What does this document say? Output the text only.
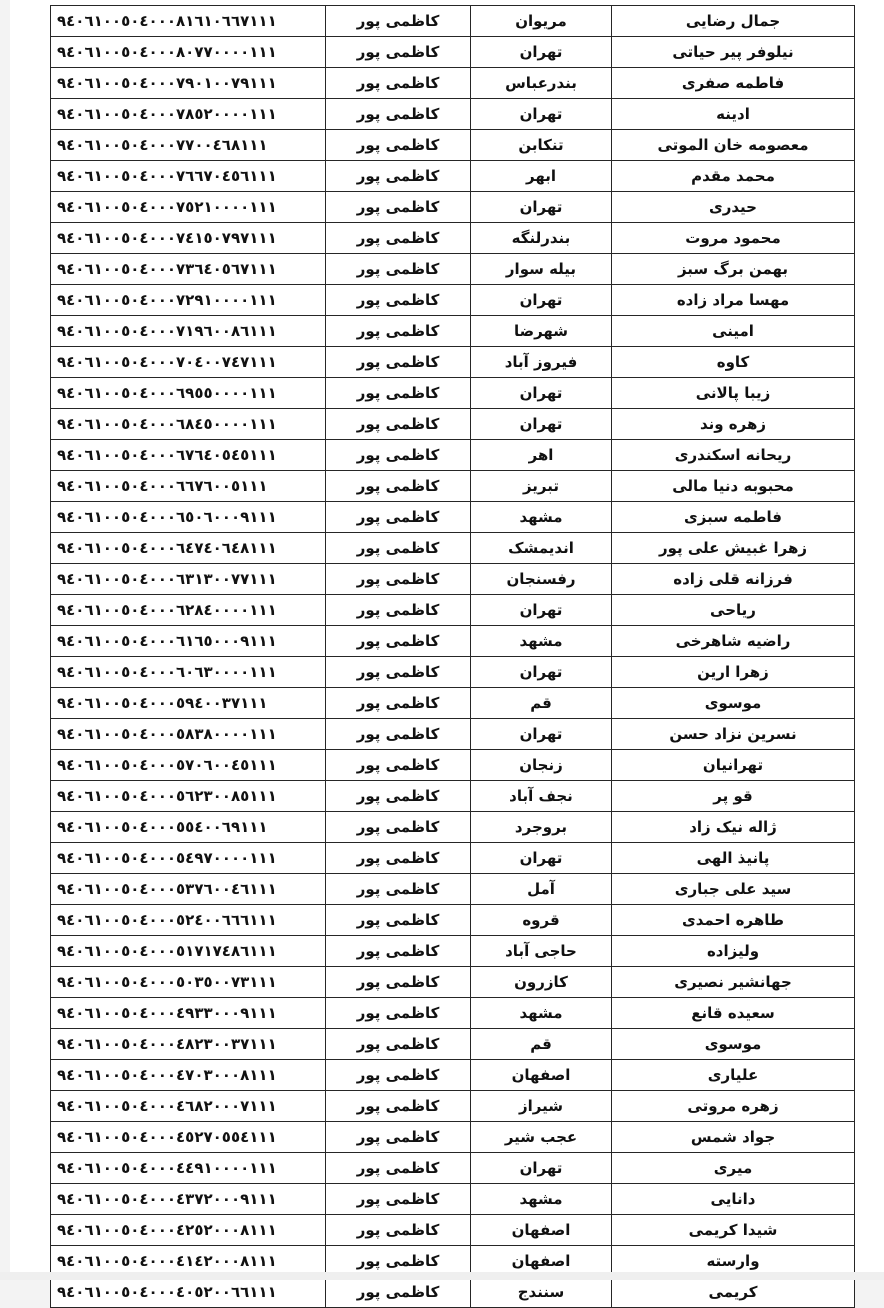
جمال رضایی	مریوان	کاظمی پور	۹٤۰٦۱۰۰٥۰٤۰۰۰۸۱٦۱۰٦٦۷۱۱۱
نیلوفر پیر حیاتی	تهران	کاظمی پور	۹٤۰٦۱۰۰٥۰٤۰۰۰۸۰۷۷۰۰۰۰۱۱۱
فاطمه صفری	بندرعباس	کاظمی پور	۹٤۰٦۱۰۰٥۰٤۰۰۰۷۹۰۱۰۰۷۹۱۱۱
ادینه	تهران	کاظمی پور	۹٤۰٦۱۰۰٥۰٤۰۰۰۷۸٥۲۰۰۰۰۱۱۱
معصومه خان الموتی	تنکابن	کاظمی پور	۹٤۰٦۱۰۰٥۰٤۰۰۰۷۷۰۰٤٦۸۱۱۱
محمد مقدم	ابهر	کاظمی پور	۹٤۰٦۱۰۰٥۰٤۰۰۰۷٦٦۷۰٤٥٦۱۱۱
حیدری	تهران	کاظمی پور	۹٤۰٦۱۰۰٥۰٤۰۰۰۷٥۲۱۰۰۰۰۱۱۱
محمود مروت	بندرلنگه	کاظمی پور	۹٤۰٦۱۰۰٥۰٤۰۰۰۷٤۱٥۰۷۹۷۱۱۱
بهمن برگ سبز	بیله سوار	کاظمی پور	۹٤۰٦۱۰۰٥۰٤۰۰۰۷۳٦٤۰٥٦۷۱۱۱
مهسا مراد زاده	تهران	کاظمی پور	۹٤۰٦۱۰۰٥۰٤۰۰۰۷۲۹۱۰۰۰۰۱۱۱
امینی	شهرضا	کاظمی پور	۹٤۰٦۱۰۰٥۰٤۰۰۰۷۱۹٦۰۰۸٦۱۱۱
کاوه	فیروز آباد	کاظمی پور	۹٤۰٦۱۰۰٥۰٤۰۰۰۷۰٤۰۰۷٤۷۱۱۱
زیبا پالانی	تهران	کاظمی پور	۹٤۰٦۱۰۰٥۰٤۰۰۰٦۹٥٥۰۰۰۰۱۱۱
زهره وند	تهران	کاظمی پور	۹٤۰٦۱۰۰٥۰٤۰۰۰٦۸٤٥۰۰۰۰۱۱۱
ریحانه اسکندری	اهر	کاظمی پور	۹٤۰٦۱۰۰٥۰٤۰۰۰٦۷٦٤۰٥٤٥۱۱۱
محبوبه دنیا مالی	تبریز	کاظمی پور	۹٤۰٦۱۰۰٥۰٤۰۰۰٦٦۷٦۰۰٥۱۱۱
فاطمه سبزی	مشهد	کاظمی پور	۹٤۰٦۱۰۰٥۰٤۰۰۰٦٥۰٦۰۰۰۹۱۱۱
زهرا غبیش علی پور	اندیمشک	کاظمی پور	۹٤۰٦۱۰۰٥۰٤۰۰۰٦٤۷٤۰٦٤۸۱۱۱
فرزانه قلی زاده	رفسنجان	کاظمی پور	۹٤۰٦۱۰۰٥۰٤۰۰۰٦۳۱۳۰۰۷۷۱۱۱
ریاحی	تهران	کاظمی پور	۹٤۰٦۱۰۰٥۰٤۰۰۰٦۲۸٤۰۰۰۰۱۱۱
راضیه شاهرخی	مشهد	کاظمی پور	۹٤۰٦۱۰۰٥۰٤۰۰۰٦۱٦٥۰۰۰۹۱۱۱
زهرا ارین	تهران	کاظمی پور	۹٤۰٦۱۰۰٥۰٤۰۰۰٦۰٦۳۰۰۰۰۱۱۱
موسوی	قم	کاظمی پور	۹٤۰٦۱۰۰٥۰٤۰۰۰٥۹٤۰۰۳۷۱۱۱
نسرین نزاد حسن	تهران	کاظمی پور	۹٤۰٦۱۰۰٥۰٤۰۰۰٥۸۳۸۰۰۰۰۱۱۱
تهرانیان	زنجان	کاظمی پور	۹٤۰٦۱۰۰٥۰٤۰۰۰٥۷۰٦۰۰٤٥۱۱۱
قو پر	نجف آباد	کاظمی پور	۹٤۰٦۱۰۰٥۰٤۰۰۰٥٦۲۳۰۰۸٥۱۱۱
ژاله نیک زاد	بروجرد	کاظمی پور	۹٤۰٦۱۰۰٥۰٤۰۰۰٥٥٤۰۰٦۹۱۱۱
پانیذ الهی	تهران	کاظمی پور	۹٤۰٦۱۰۰٥۰٤۰۰۰٥٤۹۷۰۰۰۰۱۱۱
سید علی جباری	آمل	کاظمی پور	۹٤۰٦۱۰۰٥۰٤۰۰۰٥۳۷٦۰۰٤٦۱۱۱
طاهره احمدی	قروه	کاظمی پور	۹٤۰٦۱۰۰٥۰٤۰۰۰٥۲٤۰۰٦٦٦۱۱۱
ولیزاده	حاجی آباد	کاظمی پور	۹٤۰٦۱۰۰٥۰٤۰۰۰٥۱۷۱۷٤۸٦۱۱۱
جهانشیر نصیری	کازرون	کاظمی پور	۹٤۰٦۱۰۰٥۰٤۰۰۰٥۰۳٥۰۰۷۳۱۱۱
سعیده قانع	مشهد	کاظمی پور	۹٤۰٦۱۰۰٥۰٤۰۰۰٤۹۳۳۰۰۰۹۱۱۱
موسوی	قم	کاظمی پور	۹٤۰٦۱۰۰٥۰٤۰۰۰٤۸۲۳۰۰۳۷۱۱۱
علیاری	اصفهان	کاظمی پور	۹٤۰٦۱۰۰٥۰٤۰۰۰٤۷۰۳۰۰۰۸۱۱۱
زهره مروتی	شیراز	کاظمی پور	۹٤۰٦۱۰۰٥۰٤۰۰۰٤٦۸۲۰۰۰۷۱۱۱
جواد شمس	عجب شیر	کاظمی پور	۹٤۰٦۱۰۰٥۰٤۰۰۰٤٥۲۷۰٥٥٤۱۱۱
میری	تهران	کاظمی پور	۹٤۰٦۱۰۰٥۰٤۰۰۰٤٤۹۱۰۰۰۰۱۱۱
دانایی	مشهد	کاظمی پور	۹٤۰٦۱۰۰٥۰٤۰۰۰٤۳۷۲۰۰۰۹۱۱۱
شیدا کریمی	اصفهان	کاظمی پور	۹٤۰٦۱۰۰٥۰٤۰۰۰٤۲٥۲۰۰۰۸۱۱۱
وارسته	اصفهان	کاظمی پور	۹٤۰٦۱۰۰٥۰٤۰۰۰٤۱٤۲۰۰۰۸۱۱۱
کریمی	سنندج	کاظمی پور	۹٤۰٦۱۰۰٥۰٤۰۰۰٤۰٥۲۰۰٦٦۱۱۱
